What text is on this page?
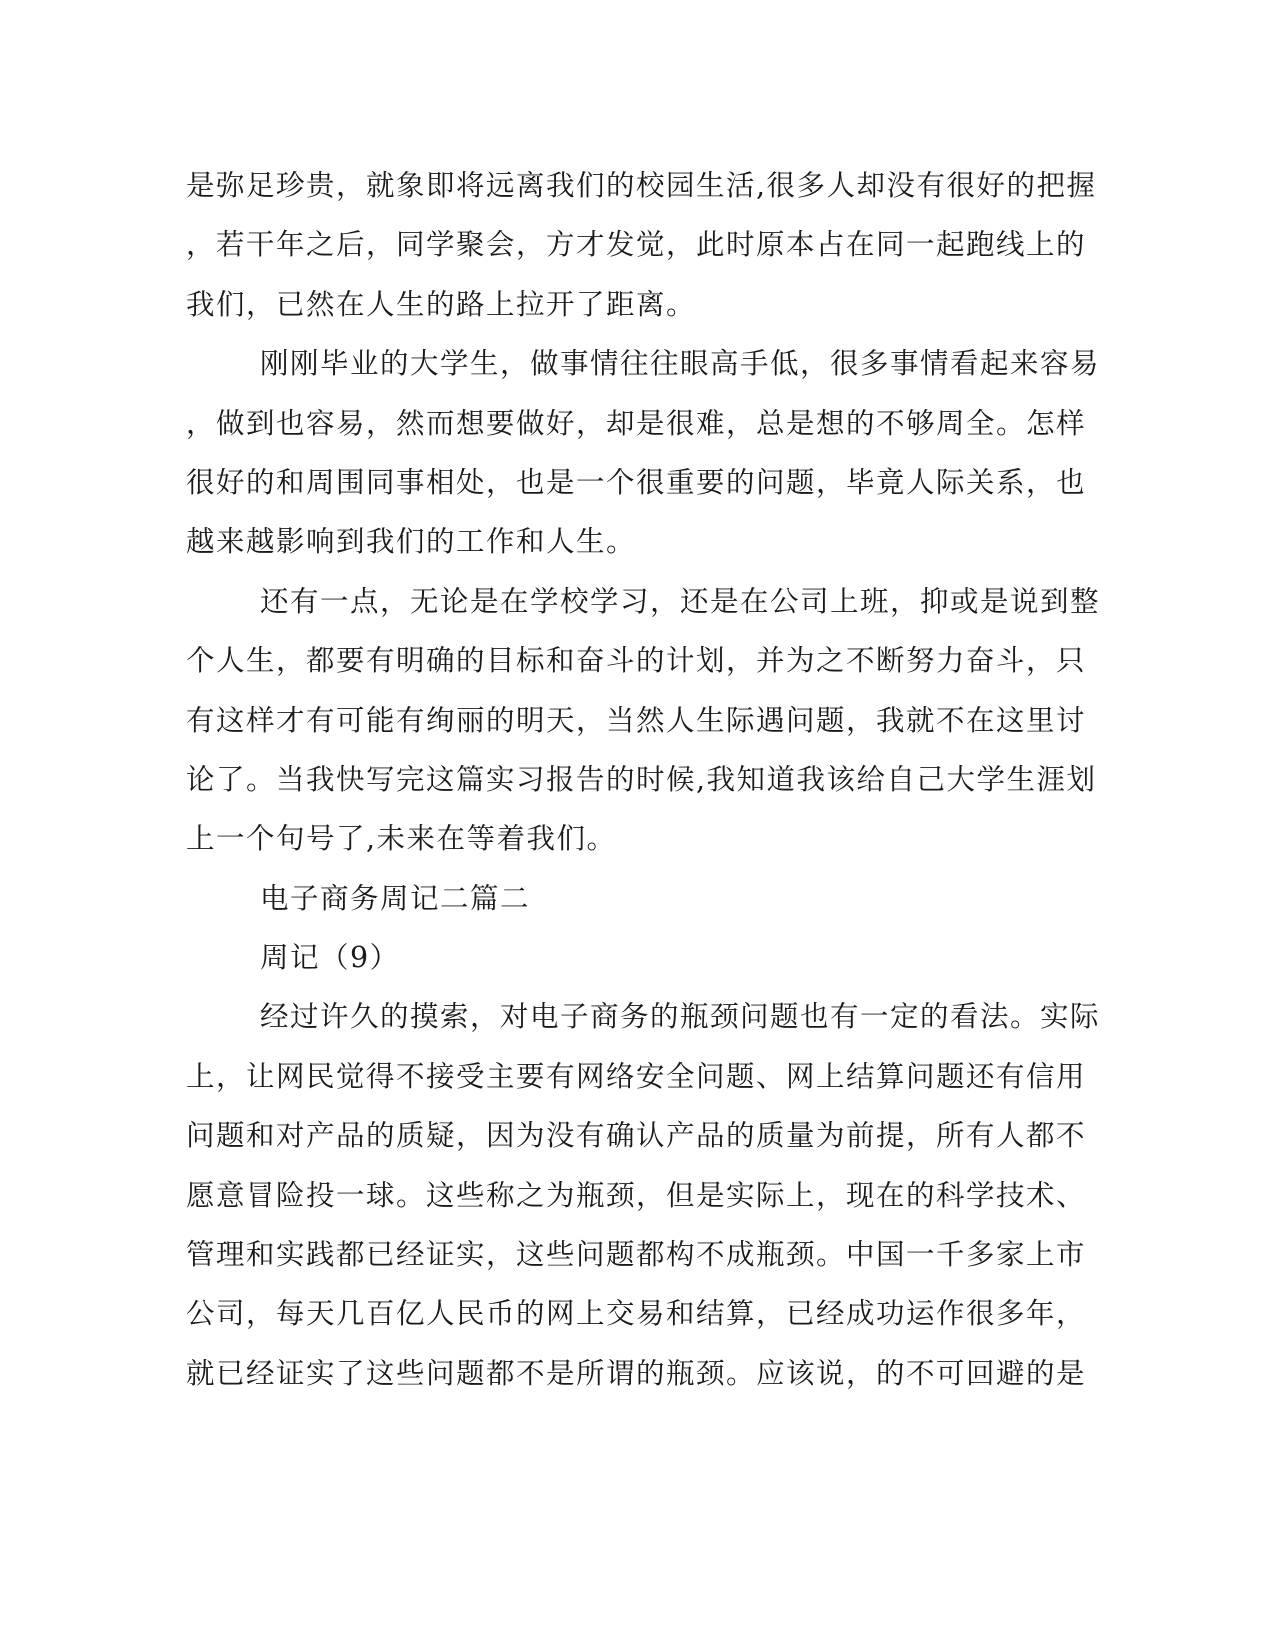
是弥足珍贵，就象即将远离我们的校园生活,很多人却没有很好的把握
，若干年之后，同学聚会，方才发觉，此时原本占在同一起跑线上的
我们，已然在人生的路上拉开了距离。
刚刚毕业的大学生，做事情往往眼高手低，很多事情看起来容易
，做到也容易，然而想要做好，却是很难，总是想的不够周全。怎样
很好的和周围同事相处，也是一个很重要的问题，毕竟人际关系，也
越来越影响到我们的工作和人生。
还有一点，无论是在学校学习，还是在公司上班，抑或是说到整
个人生，都要有明确的目标和奋斗的计划，并为之不断努力奋斗，只
有这样才有可能有绚丽的明天，当然人生际遇问题，我就不在这里讨
论了。当我快写完这篇实习报告的时候,我知道我该给自己大学生涯划
上一个句号了,未来在等着我们。
电子商务周记二篇二
周记（9）
经过许久的摸索，对电子商务的瓶颈问题也有一定的看法。实际
上，让网民觉得不接受主要有网络安全问题、网上结算问题还有信用
问题和对产品的质疑，因为没有确认产品的质量为前提，所有人都不
愿意冒险投一球。这些称之为瓶颈，但是实际上，现在的科学技术、
管理和实践都已经证实，这些问题都构不成瓶颈。中国一千多家上市
公司，每天几百亿人民币的网上交易和结算，已经成功运作很多年，
就已经证实了这些问题都不是所谓的瓶颈。应该说，的不可回避的是
